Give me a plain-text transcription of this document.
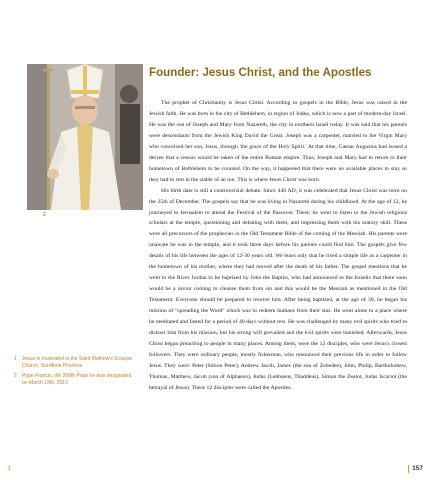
2
Founder: Jesus Christ, and the Apostles

The prophet of Christianity is Jesus Christ. According to gospels in the Bible, Jesus was raised in the Jewish faith. He was born in the city of Bethlehem, in region of Judea, which is now a part of modern-day Israel. He was the son of Joseph and Mary from Nazareth, the city in northern Israel today. It was said that his parents were descendants from the Jewish King David the Great. Joseph was a carpenter, married to the Virgin Mary who conceived her son, Jesus, through 'the grace of the Holy Spirit.' At that time, Caesar Augustus had issued a decree that a census would be taken of the entire Roman empire. Thus, Joseph and Mary had to return to their hometown of Bethlehem to be counted. On the way, it happened that there were no available places to stay so they had to rest in the stable of an inn. This is where Jesus Christ was born.

His birth date is still a controversial debate. Since 440 AD, it was celebrated that Jesus Christ was born on the 25th of December. The gospels say that he was living in Nazareth during his childhood. At the age of 12, he journeyed to Jerusalem to attend the Festival of the Passover. There, he went to listen to the Jewish religious scholars at the temple, questioning and debating with them, and impressing them with his oratory skill. These were all precursors of the prophecies in the Old Testament Bible of the coming of the Messiah. His parents were unaware he was in the temple, and it took three days before his parents could find him. The gospels give few details of his life between the ages of 12-30 years old. We learn only that he lived a simple life as a carpenter in the hometown of his mother, where they had moved after the death of his father. The gospel mentions that he went to the River Jordan to be baptized by John the Baptist, who had announced to the Israelis that there soon would be a savior coming to cleanse them from sin and this would be the Messiah as mentioned in the Old Testament. Everyone should be prepared to receive him. After being baptized, at the age of 30, he began his mission of "spreading the Word" which was to redeem humans from their sins. He went alone to a place where he meditated and fasted for a period of 40 days without rest. He was challenged by many evil spirits who tried to distract him from his mission, but his strong will prevailed and the evil spirits were banished. Afterwards, Jesus Christ began preaching to people in many places. Among them, were the 12 disciples, who were Jesus's closest followers. They were ordinary people, mostly fisherman, who renounced their previous life in order to follow Jesus. They were: Peter (Simon Peter), Andrew Jacob, James (the son of Zebedee), John, Philip, Bartholomew, Thomas, Matthew, Jacob (son of Alphaeus), Judas (Lebbaeus, Thaddeus), Simon the Zealot, Judas Iscariot (the betrayal of Jesus). These 12 disciples were called the Apostles.

1	Jesus in mustrated in the Saint Mathew's Scrayan Church, Nordforia Province
2	Pope Francis, the 266th Pope he was designated on March 13th, 2013
1	157
